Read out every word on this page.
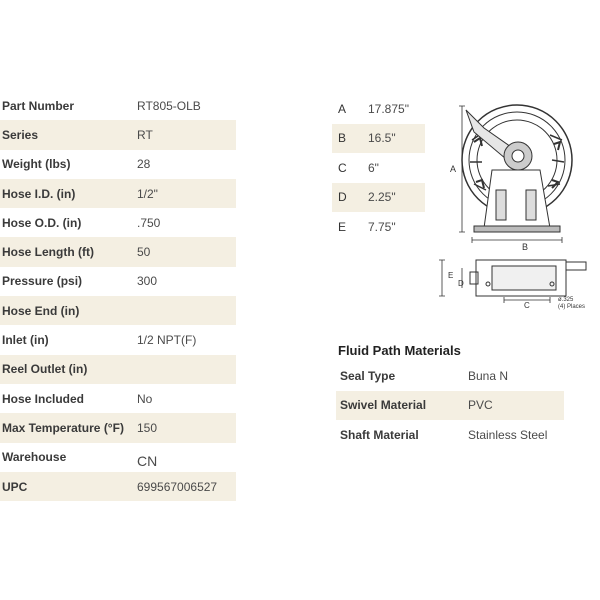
Part Number	RT805-OLB
Series	RT
Weight (lbs)	28
Hose I.D. (in)	1/2"
Hose O.D. (in)	.750
Hose Length (ft)	50
Pressure (psi)	300
Hose End (in)
Inlet (in)	1/2 NPT(F)
Reel Outlet (in)
Hose Included	No
Max Temperature (°F)	150
Warehouse	CN
UPC	699567006527
A	17.875"
B	16.5"
C	6"
D	2.25"
E	7.75"
A
B
E
D
C
ø.325
(4) Places
Fluid Path Materials
Seal Type	Buna N
Swivel Material	PVC
Shaft Material	Stainless Steel
